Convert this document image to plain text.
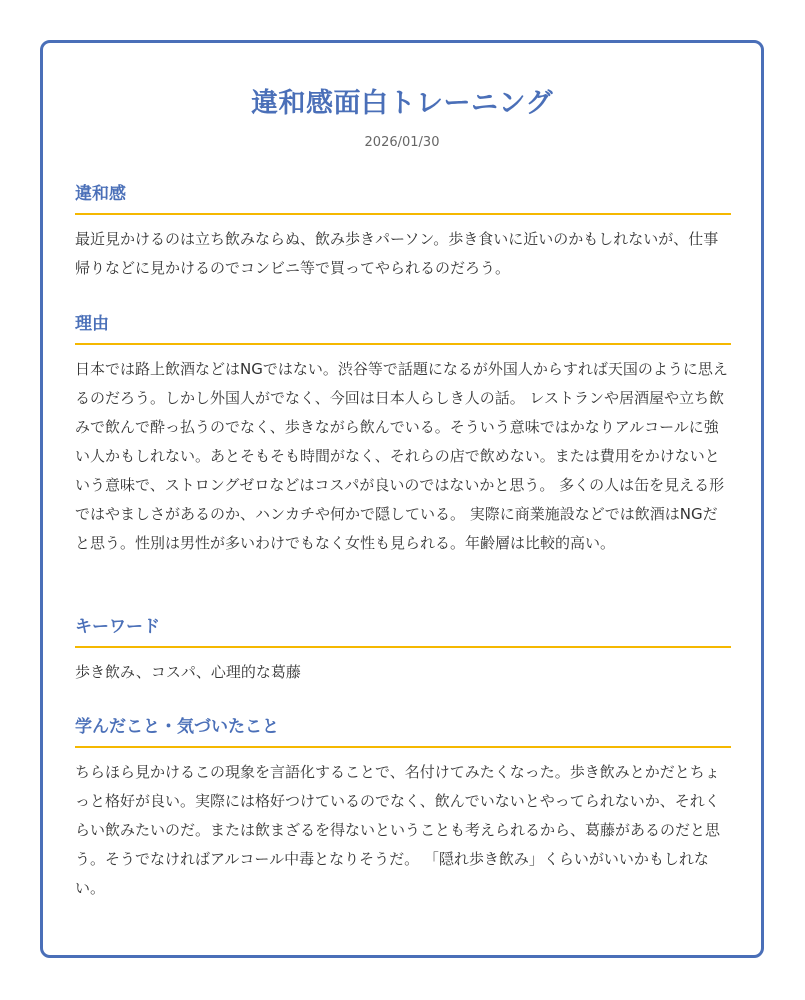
違和感面白トレーニング
2026/01/30
違和感

最近見かけるのは立ち飲みならぬ、飲み歩きパーソン。歩き食いに近いのかもしれないが、仕事帰りなどに見かけるのでコンビニ等で買ってやられるのだろう。

理由

日本では路上飲酒などはNGではない。渋谷等で話題になるが外国人からすれば天国のように思えるのだろう。しかし外国人がでなく、今回は日本人らしき人の話。 レストランや居酒屋や立ち飲みで飲んで酔っ払うのでなく、歩きながら飲んでいる。そういう意味ではかなりアルコールに強い人かもしれない。あとそもそも時間がなく、それらの店で飲めない。または費用をかけないという意味で、ストロングゼロなどはコスパが良いのではないかと思う。 多くの人は缶を見える形ではやましさがあるのか、ハンカチや何かで隠している。 実際に商業施設などでは飲酒はNGだと思う。性別は男性が多いわけでもなく女性も見られる。年齢層は比較的高い。

キーワード

歩き飲み、コスパ、心理的な葛藤

学んだこと・気づいたこと

ちらほら見かけるこの現象を言語化することで、名付けてみたくなった。歩き飲みとかだとちょっと格好が良い。実際には格好つけているのでなく、飲んでいないとやってられないか、それくらい飲みたいのだ。または飲まざるを得ないということも考えられるから、葛藤があるのだと思う。そうでなければアルコール中毒となりそうだ。 「隠れ歩き飲み」くらいがいいかもしれない。
